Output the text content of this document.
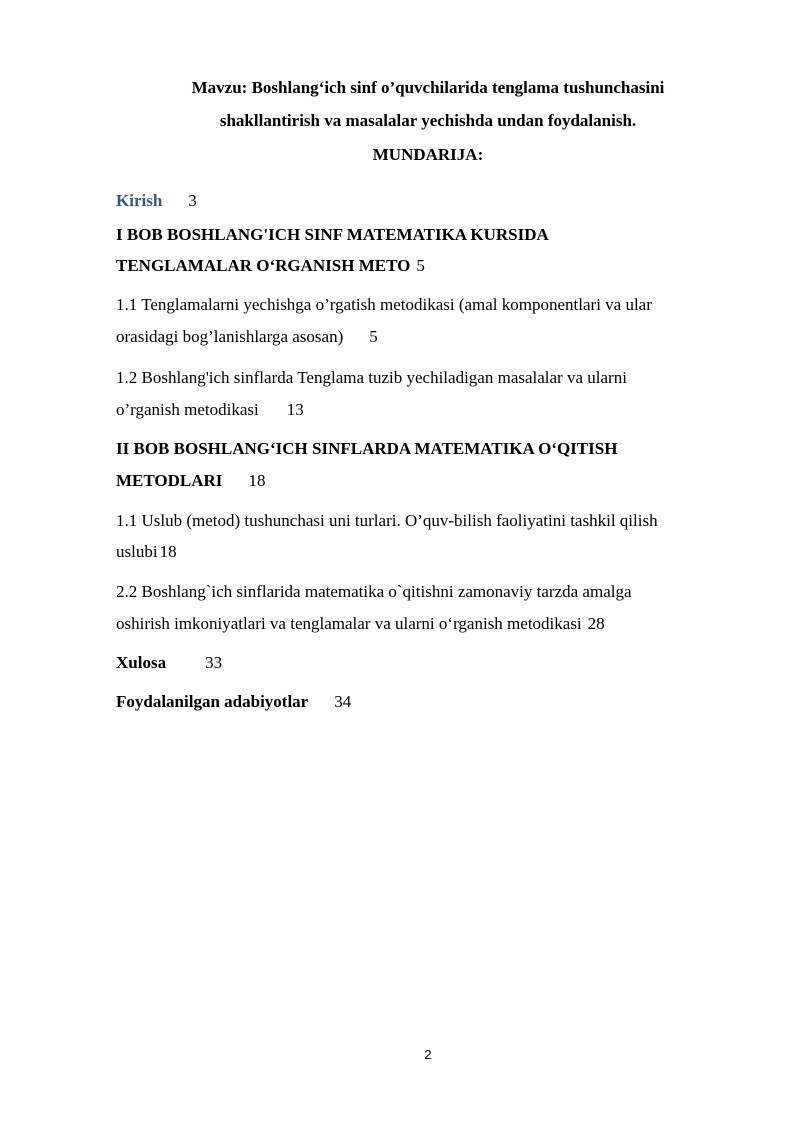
Mavzu: Boshlang‘ich sinf o’quvchilarida tenglama tushunchasini
shakllantirish va masalalar yechishda undan foydalanish.
MUNDARIJA:
Kirish 3
I BOB BOSHLANG'ICH SINF MATEMATIKA KURSIDA
TENGLAMALAR O‘RGANISH METO 5
1.1 Tenglamalarni yechishga o’rgatish metodikasi (amal komponentlari va ular
orasidagi bog’lanishlarga asosan) 5
1.2 Boshlang'ich sinflarda Tenglama tuzib yechiladigan masalalar va ularni
o’rganish metodikasi 13
II BOB BOSHLANG‘ICH SINFLARDA MATEMATIKA O‘QITISH
METODLARI 18
1.1 Uslub (metod) tushunchasi uni turlari. O’quv-bilish faoliyatini tashkil qilish
uslubi 18
2.2 Boshlang`ich sinflarida matematika o`qitishni zamonaviy tarzda amalga
oshirish imkoniyatlari va tenglamalar va ularni o‘rganish metodikasi 28
Xulosa 33
Foydalanilgan adabiyotlar 34
2
